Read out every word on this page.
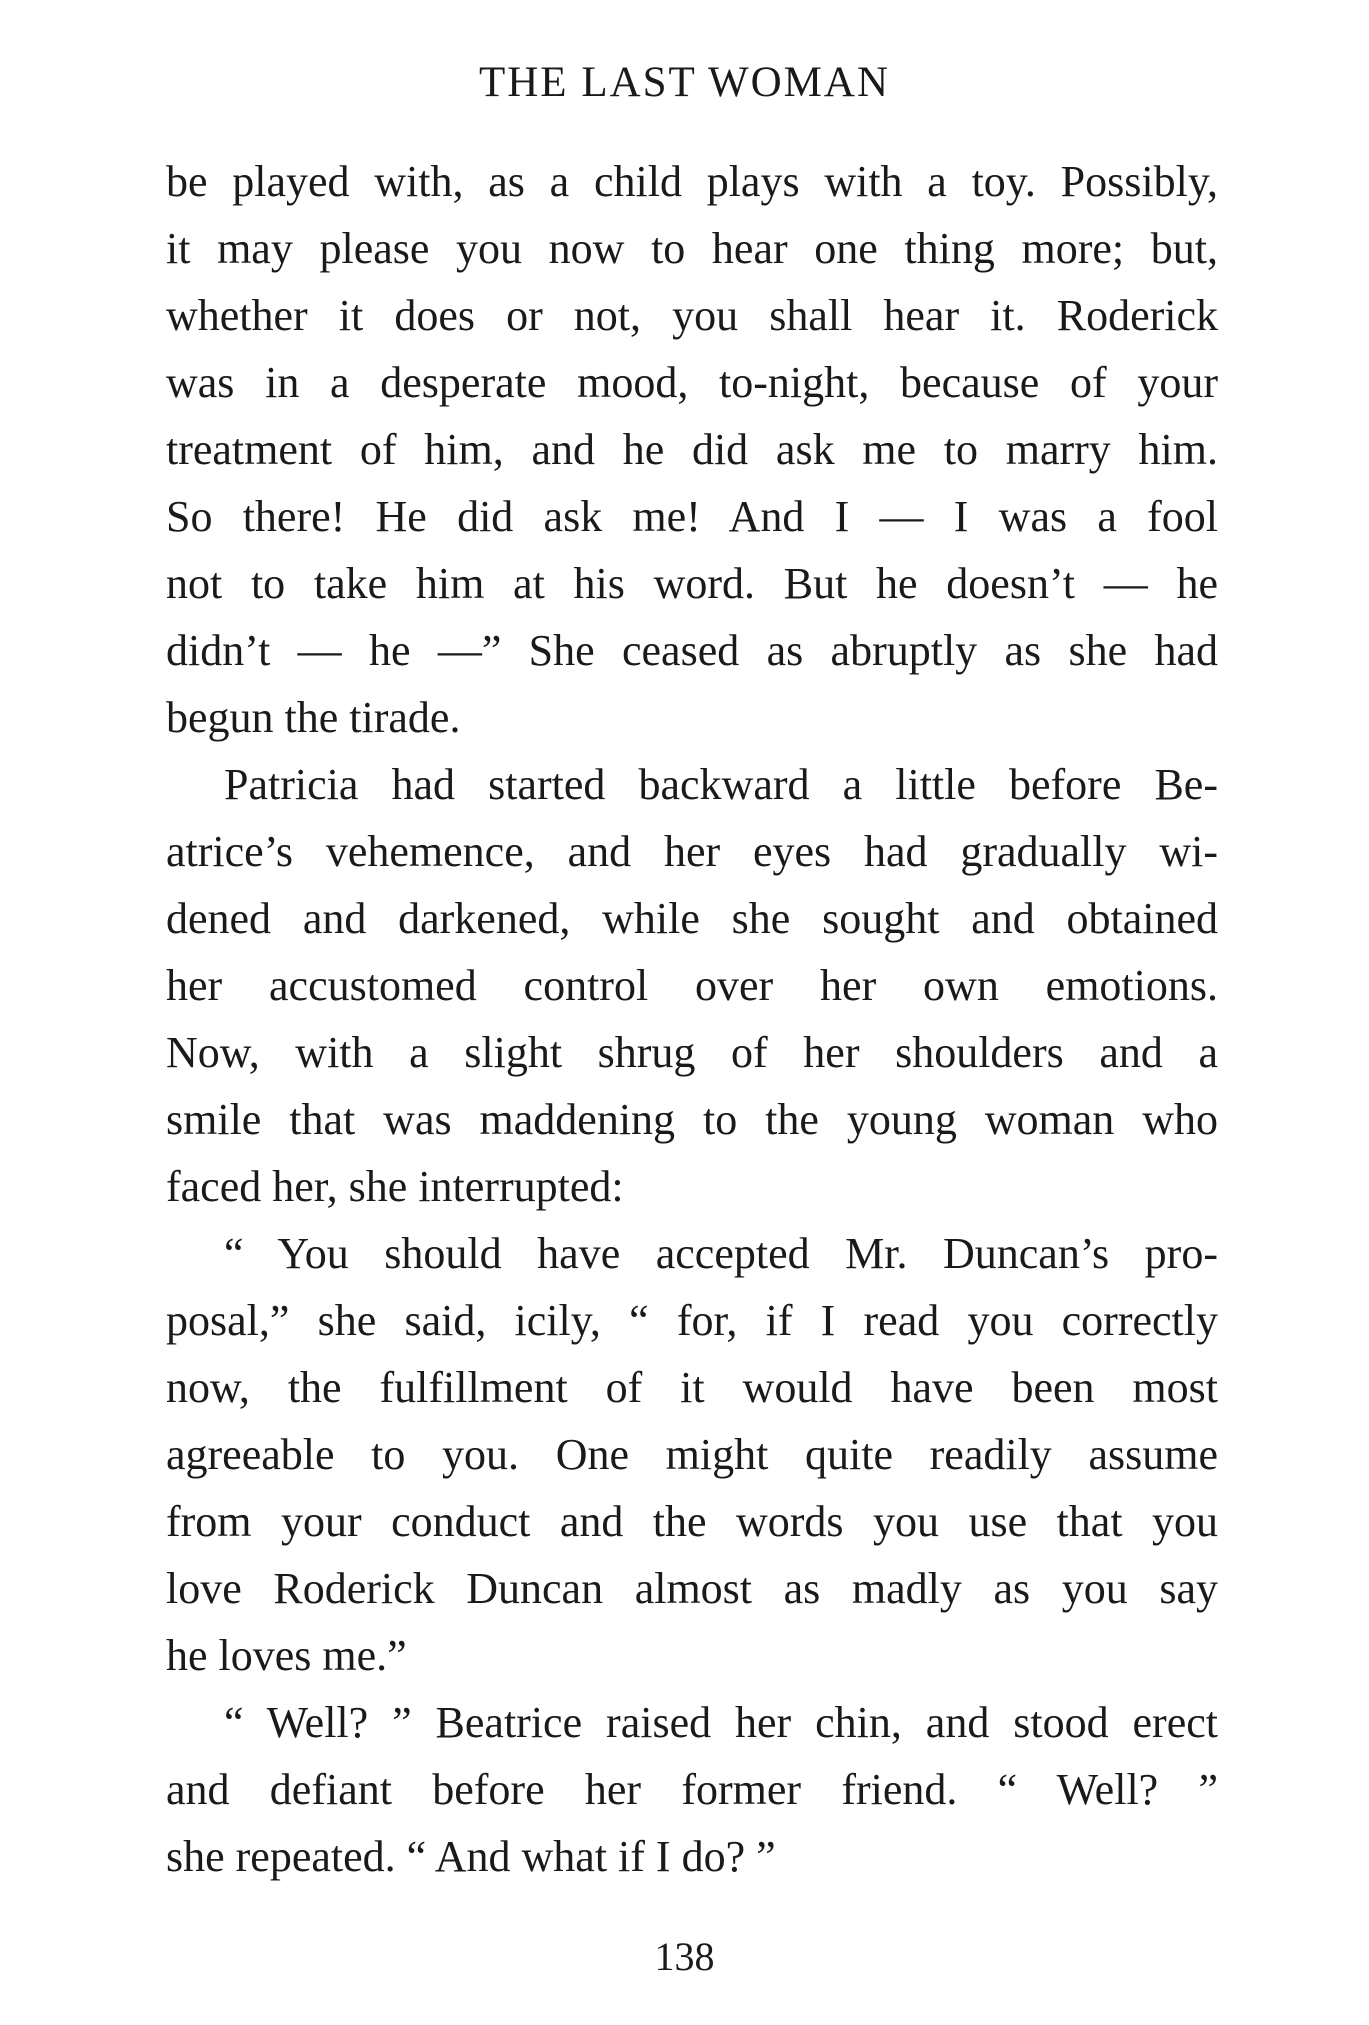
THE LAST WOMAN
be played with, as a child plays with a toy. Possibly,
it may please you now to hear one thing more; but,
whether it does or not, you shall hear it. Roderick
was in a desperate mood, to-night, because of your
treatment of him, and he did ask me to marry him.
So there! He did ask me! And I — I was a fool
not to take him at his word. But he doesn’t — he
didn’t — he —” She ceased as abruptly as she had
begun the tirade.
Patricia had started backward a little before Be-
atrice’s vehemence, and her eyes had gradually wi-
dened and darkened, while she sought and obtained
her accustomed control over her own emotions.
Now, with a slight shrug of her shoulders and a
smile that was maddening to the young woman who
faced her, she interrupted:
“ You should have accepted Mr. Duncan’s pro-
posal,” she said, icily, “ for, if I read you correctly
now, the fulfillment of it would have been most
agreeable to you. One might quite readily assume
from your conduct and the words you use that you
love Roderick Duncan almost as madly as you say
he loves me.”
“ Well? ” Beatrice raised her chin, and stood erect
and defiant before her former friend. “ Well? ”
she repeated. “ And what if I do? ”
138
